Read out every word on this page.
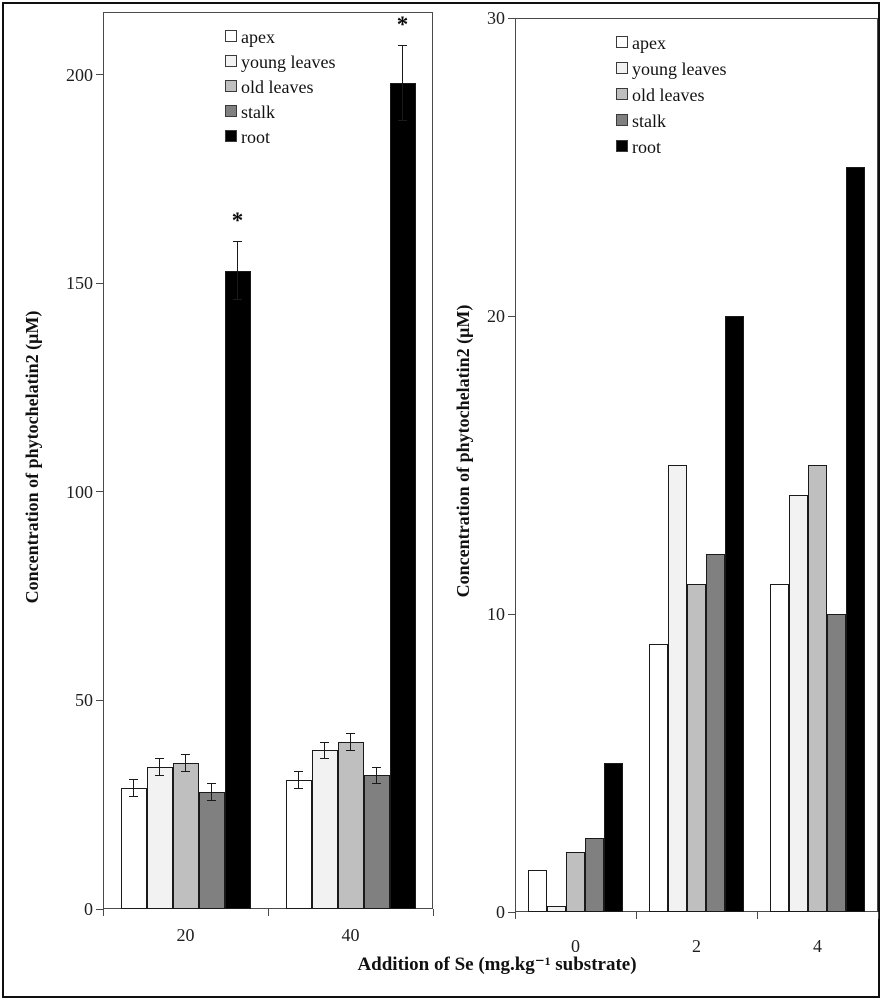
Concentration of phytochelatin2 (μM)	Concentration of phytochelatin2 (μM)
Addition of Se (mg.kg⁻¹ substrate)
0
50
100
150
200
20	40
*
*
apex
young leaves
old leaves
stalk
root
0
10
20
30
0	2	4
apex
young leaves
old leaves
stalk
root
